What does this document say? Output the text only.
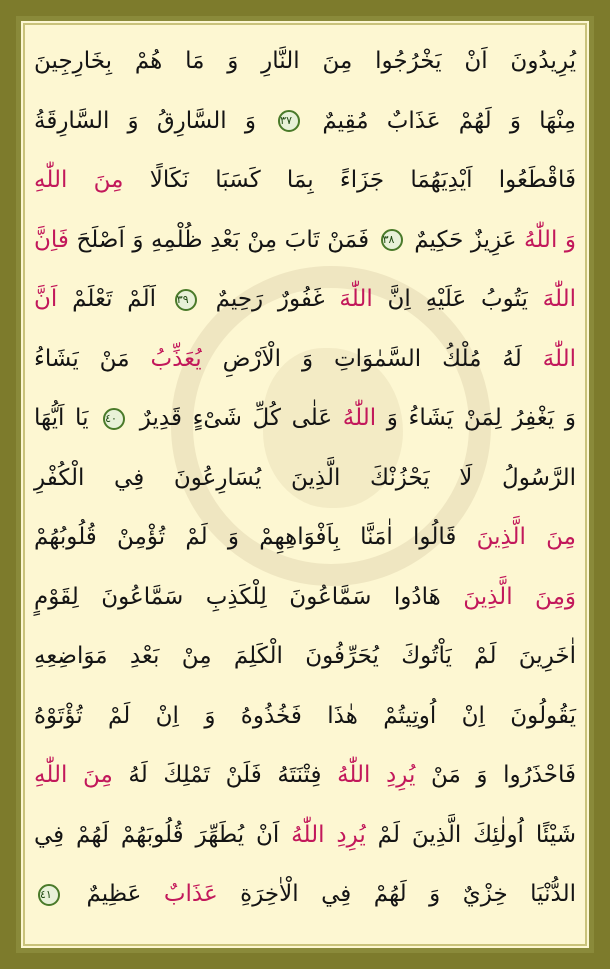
يُرِيدُونَ اَنْ يَخْرُجُوا مِنَ النَّارِ وَ مَا هُمْ بِخَارِجِينَ
مِنْهَا وَ لَهُمْ عَذَابٌ مُقِيمٌ ٣٧ وَ السَّارِقُ وَ السَّارِقَةُ
فَاقْطَعُوا اَيْدِيَهُمَا جَزَاءً بِمَا كَسَبَا نَكَالًا مِنَ اللّٰهِ
وَ اللّٰهُ عَزِيزٌ حَكِيمٌ ٣٨ فَمَنْ تَابَ مِنْ بَعْدِ ظُلْمِهِ وَ اَصْلَحَ فَاِنَّ
اللّٰهَ يَتُوبُ عَلَيْهِ اِنَّ اللّٰهَ غَفُورٌ رَحِيمٌ ٣٩ اَلَمْ تَعْلَمْ اَنَّ
اللّٰهَ لَهُ مُلْكُ السَّمٰوَاتِ وَ الْاَرْضِ يُعَذِّبُ مَنْ يَشَاءُ
وَ يَغْفِرُ لِمَنْ يَشَاءُ وَ اللّٰهُ عَلٰى كُلِّ شَىْءٍ قَدِيرٌ ٤٠ يَا اَيُّهَا
الرَّسُولُ لَا يَحْزُنْكَ الَّذِينَ يُسَارِعُونَ فِي الْكُفْرِ
مِنَ الَّذِينَ قَالُوا اٰمَنَّا بِاَفْوَاهِهِمْ وَ لَمْ تُؤْمِنْ قُلُوبُهُمْ
وَمِنَ الَّذِينَ هَادُوا سَمَّاعُونَ لِلْكَذِبِ سَمَّاعُونَ لِقَوْمٍ
اٰخَرِينَ لَمْ يَاْتُوكَ يُحَرِّفُونَ الْكَلِمَ مِنْ بَعْدِ مَوَاضِعِهِ
يَقُولُونَ اِنْ اُوتِيتُمْ هٰذَا فَخُذُوهُ وَ اِنْ لَمْ تُؤْتَوْهُ
فَاحْذَرُوا وَ مَنْ يُرِدِ اللّٰهُ فِتْنَتَهُ فَلَنْ تَمْلِكَ لَهُ مِنَ اللّٰهِ
شَيْئًا اُولٰئِكَ الَّذِينَ لَمْ يُرِدِ اللّٰهُ اَنْ يُطَهِّرَ قُلُوبَهُمْ لَهُمْ فِي
الدُّنْيَا خِزْيٌ وَ لَهُمْ فِي الْاٰخِرَةِ عَذَابٌ عَظِيمٌ ٤١
